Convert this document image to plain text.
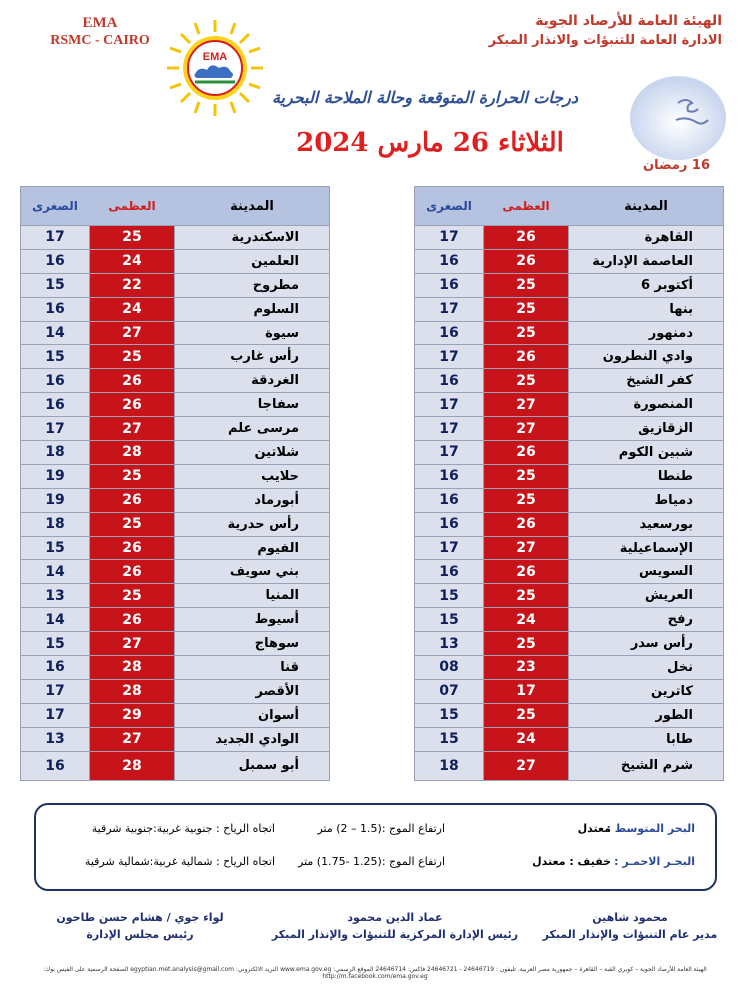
EMA
RSMC - CAIRO
EMA
الهيئة العامة للأرصاد الجوية
الادارة العامة للتنبؤات والانذار المبكر
16 رمضان
درجات الحرارة المتوقعة وحالة الملاحة البحرية
الثلاثاء 26 مارس 2024
الصغرى	العظمى	المدينة
17	25	الاسكندرية
16	24	العلمين
15	22	مطروح
16	24	السلوم
14	27	سيوة
15	25	رأس غارب
16	26	الغردقة
16	26	سفاجا
17	27	مرسى علم
18	28	شلاتين
19	25	حلايب
19	26	أبورماد
18	25	رأس حدرية
15	26	الفيوم
14	26	بني سويف
13	25	المنيا
14	26	أسيوط
15	27	سوهاج
16	28	قنا
17	28	الأقصر
17	29	أسوان
13	27	الوادي الجديد
16	28	أبو سمبل
الصغرى	العظمى	المدينة
17	26	القاهرة
16	26	العاصمة الإدارية
16	25	6 أكتوبر
17	25	بنها
16	25	دمنهور
17	26	وادي النطرون
16	25	كفر الشيخ
17	27	المنصورة
17	27	الزقازيق
17	26	شبين الكوم
16	25	طنطا
16	25	دمياط
16	26	بورسعيد
17	27	الإسماعيلية
16	26	السويس
15	25	العريش
15	24	رفح
13	25	رأس سدر
08	23	نخل
07	17	كاترين
15	25	الطور
15	24	طابا
18	27	شرم الشيخ
البحر المتوسط :
معتدل
ارتفاع الموج :(1.5 – 2) متر
اتجاه الرياح : جنوبية غربية:جنوبية شرقية
البحـر الاحمـر :
خفيف : معتدل
ارتفاع الموج :(1.25 -1.75) متر
اتجاه الرياح : شمالية غربية:شمالية شرقية
محمود شاهين
مدير عام التنبؤات والإنذار المبكر
عماد الدين محمود
رئيس الإدارة المركزية للتنبؤات والإنذار المبكر
لواء جوي / هشام حسن طاحون
رئيس مجلس الإدارة
الهيئة العامة للأرصاد الجوية – كوبري القبة – القاهرة – جمهورية مصر العربية. تليفون : 24646719 - 24646721 فاكس: 24646714 الموقع الرسمي: www.ema.gov.eg البريد الالكتروني: egyptian.met.analysis@gmail.com الصفحة الرسمية على الفيس بوك: http://m.facebook.com/ema.gov.eg
